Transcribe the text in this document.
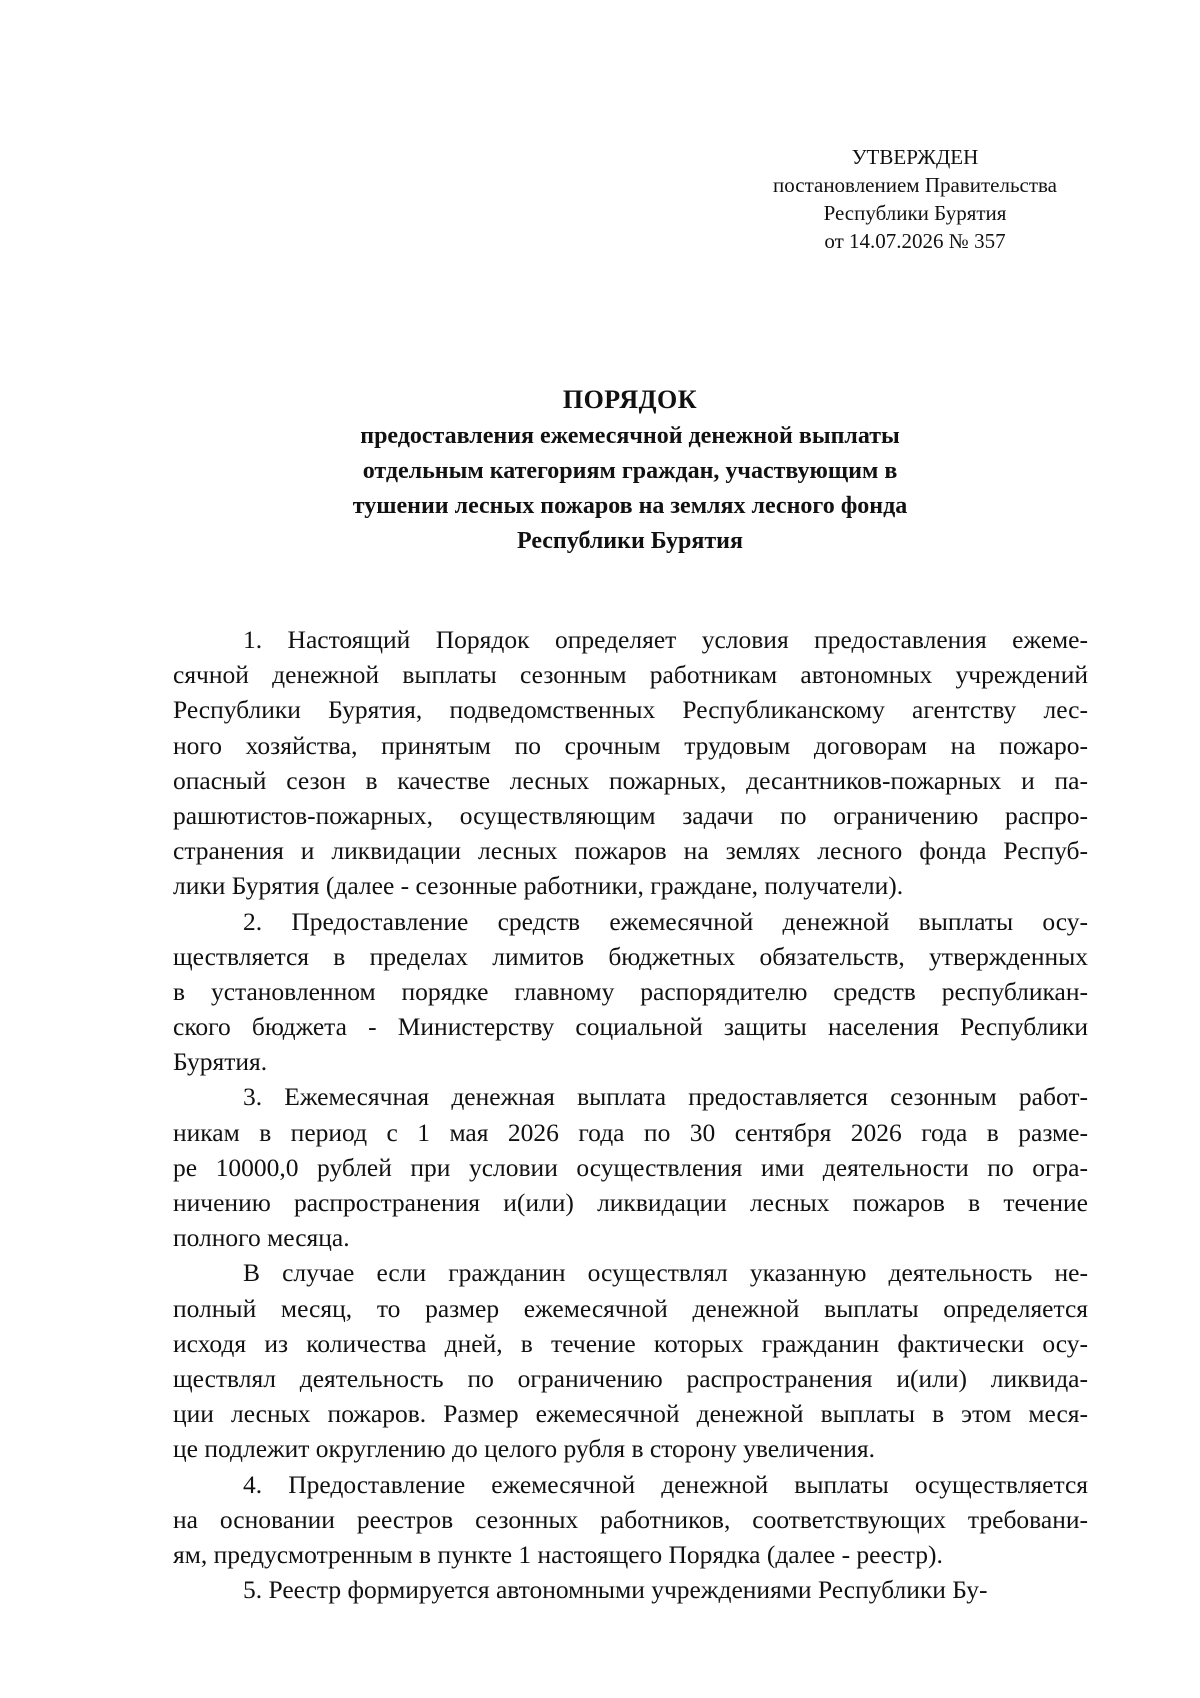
УТВЕРЖДЕН
постановлением Правительства
Республики Бурятия
от 14.07.2026 № 357
ПОРЯДОК
предоставления ежемесячной денежной выплаты
отдельным категориям граждан, участвующим в
тушении лесных пожаров на землях лесного фонда
Республики Бурятия
1. Настоящий Порядок определяет условия предоставления ежеме-
сячной денежной выплаты сезонным работникам автономных учреждений
Республики Бурятия, подведомственных Республиканскому агентству лес-
ного хозяйства, принятым по срочным трудовым договорам на пожаро-
опасный сезон в качестве лесных пожарных, десантников-пожарных и па-
рашютистов-пожарных, осуществляющим задачи по ограничению распро-
странения и ликвидации лесных пожаров на землях лесного фонда Респуб-
лики Бурятия (далее - сезонные работники, граждане, получатели).
2. Предоставление средств ежемесячной денежной выплаты осу-
ществляется в пределах лимитов бюджетных обязательств, утвержденных
в установленном порядке главному распорядителю средств республикан-
ского бюджета - Министерству социальной защиты населения Республики
Бурятия.
3. Ежемесячная денежная выплата предоставляется сезонным работ-
никам в период с 1 мая 2026 года по 30 сентября 2026 года в разме-
ре 10000,0 рублей при условии осуществления ими деятельности по огра-
ничению распространения и(или) ликвидации лесных пожаров в течение
полного месяца.
В случае если гражданин осуществлял указанную деятельность не-
полный месяц, то размер ежемесячной денежной выплаты определяется
исходя из количества дней, в течение которых гражданин фактически осу-
ществлял деятельность по ограничению распространения и(или) ликвида-
ции лесных пожаров. Размер ежемесячной денежной выплаты в этом меся-
це подлежит округлению до целого рубля в сторону увеличения.
4. Предоставление ежемесячной денежной выплаты осуществляется
на основании реестров сезонных работников, соответствующих требовани-
ям, предусмотренным в пункте 1 настоящего Порядка (далее - реестр).
5. Реестр формируется автономными учреждениями Республики Бу-
